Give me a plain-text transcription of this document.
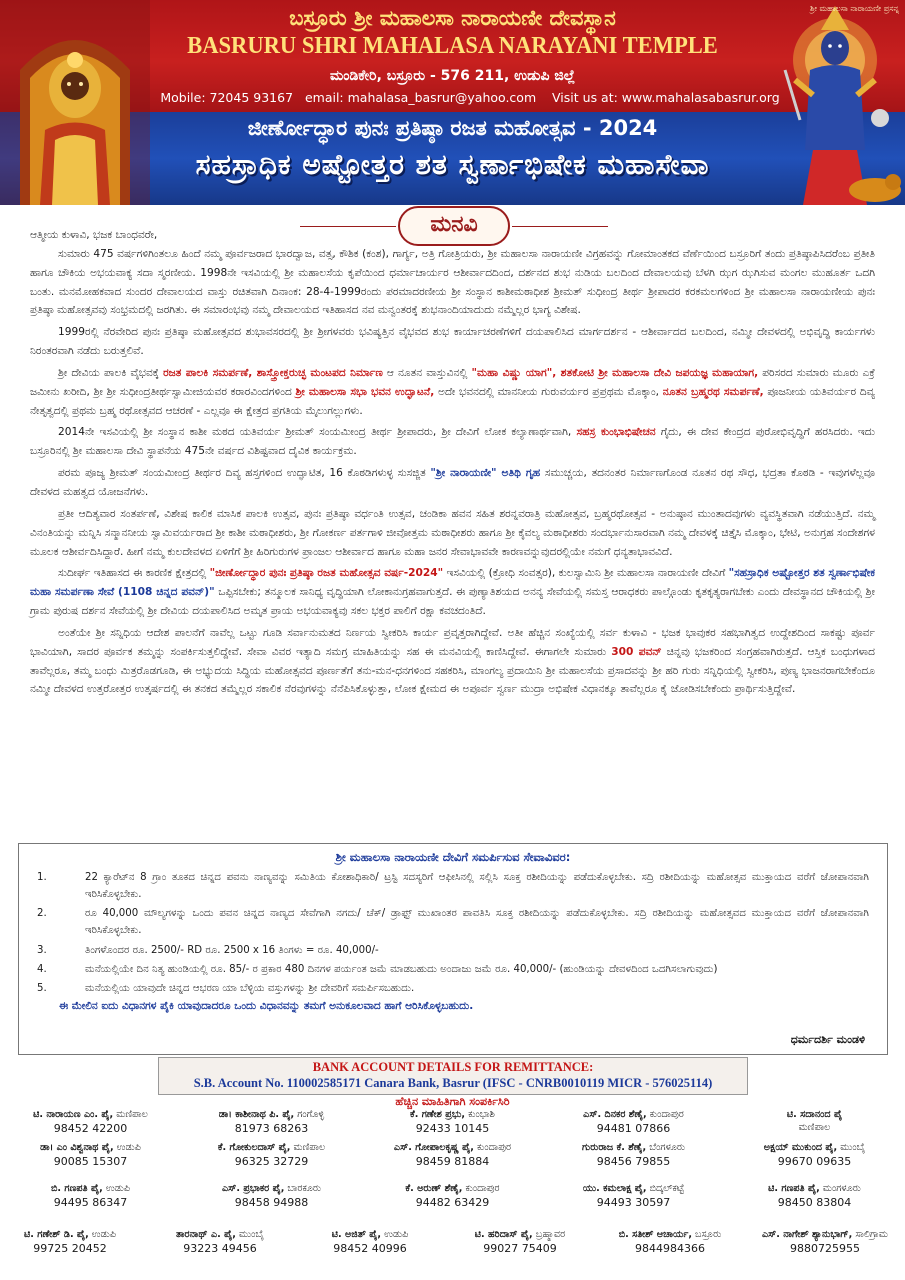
ಶ್ರೀ ಮಹಾಲಸಾ ನಾರಾಯಣೀ ಪ್ರಸನ್ನ
ಬಸ್ರೂರು ಶ್ರೀ ಮಹಾಲಸಾ ನಾರಾಯಣೀ ದೇವಸ್ಥಾನ
BASRURU SHRI MAHALASA NARAYANI TEMPLE
ಮಂಡಿಕೇರಿ, ಬಸ್ರೂರು - 576 211, ಉಡುಪಿ ಜಿಲ್ಲೆ
Mobile: 72045 93167 email: mahalasa_basrur@yahoo.com Visit us at: www.mahalasabasrur.org
ಜೀರ್ಣೋದ್ಧಾರ ಪುನಃ ಪ್ರತಿಷ್ಠಾ ರಜತ ಮಹೋತ್ಸವ - 2024
ಸಹಸ್ರಾಧಿಕ ಅಷ್ಟೋತ್ತರ ಶತ ಸ್ವರ್ಣಾಭಿಷೇಕ ಮಹಾಸೇವಾ
ಮನವಿ

ಆತ್ಮೀಯ ಕುಳಾವಿ, ಭಜಕ ಬಾಂಧವರೇ,

ಸುಮಾರು 475 ವರ್ಷಗಳಿಗಿಂತಲೂ ಹಿಂದೆ ನಮ್ಮ ಪೂರ್ವಜರಾದ ಭಾರದ್ವಾಜ, ವತ್ಸ, ಕೌಶಿಕ (ಕಂಶ), ಗಾರ್ಗ್ಯ, ಅತ್ರಿ ಗೋತ್ರಿಯರು, ಶ್ರೀ ಮಹಾಲಸಾ ನಾರಾಯಣೀ ವಿಗ್ರಹವನ್ನು ಗೋಮಾಂತಕದ ವೆರ್ಣೆಯಿಂದ ಬಸ್ರೂರಿಗೆ ತಂದು ಪ್ರತಿಷ್ಠಾಪಿಸಿದರೆಂಬ ಪ್ರತೀತಿ ಹಾಗೂ ಚೌಕಿಯ ಅಭಯವಾಕ್ಯ ಸದಾ ಸ್ಮರಣೀಯ. 1998ನೇ ಇಸವಿಯಲ್ಲಿ ಶ್ರೀ ಮಹಾಲಸೆಯ ಕೃಪೆಯಿಂದ ಧರ್ಮಾಚಾರ್ಯರ ಆಶೀರ್ವಾದದಿಂದ, ದರ್ಶನದ ಶುಭ ನುಡಿಯ ಬಲದಿಂದ ದೇವಾಲಯವು ಬೆಳಗಿ ಝಗ ಝಗಿಸುವ ಮಂಗಲ ಮುಹೂರ್ತ ಒದಗಿ ಬಂತು. ಮನಮೋಹಕವಾದ ಸುಂದರ ದೇವಾಲಯದ ವಾಸ್ತು ರಚಿತವಾಗಿ ದಿನಾಂಕ: 28-4-1999ರಂದು ಪರಮಾದರಣೀಯ ಶ್ರೀ ಸಂಸ್ಥಾನ ಕಾಶೀಮಠಾಧೀಶ ಶ್ರೀಮತ್ ಸುಧೀಂದ್ರ ತೀರ್ಥ ಶ್ರೀಪಾದರ ಕರಕಮಲಗಳಿಂದ ಶ್ರೀ ಮಹಾಲಸಾ ನಾರಾಯಣೀಯ ಪುನಃ ಪ್ರತಿಷ್ಠಾ ಮಹೋತ್ಸವವು ಸಂಭ್ರಮದಲ್ಲಿ ಜರಗಿತು. ಈ ಸಮಾರಂಭವು ನಮ್ಮ ದೇವಾಲಯದ ಇತಿಹಾಸದ ನವ ಮನ್ವಂತರಕ್ಕೆ ಶುಭನಾಂದಿಯಾದುದು ನಮ್ಮೆಲ್ಲರ ಭಾಗ್ಯ ವಿಶೇಷ.

1999ರಲ್ಲಿ ನೆರವೇರಿದ ಪುನಃ ಪ್ರತಿಷ್ಠಾ ಮಹೋತ್ಸವದ ಶುಭಾವಸರದಲ್ಲಿ ಶ್ರೀ ಶ್ರೀಗಳವರು ಭವಿಷ್ಯತ್ತಿನ ವೈಭವದ ಶುಭ ಕಾರ್ಯಾಚರಣೆಗಳಿಗೆ ದಯಪಾಲಿಸಿದ ಮಾರ್ಗದರ್ಶನ - ಆಶೀರ್ವಾದದ ಬಲದಿಂದ, ನಮ್ಮೀ ದೇವಳದಲ್ಲಿ ಅಭಿವೃದ್ಧಿ ಕಾರ್ಯಗಳು ನಿರಂತರವಾಗಿ ನಡೆದು ಬರುತ್ತಲಿವೆ.

ಶ್ರೀ ದೇವಿಯ ಪಾಲಕಿ ವೈಭವಕ್ಕೆ ರಜತ ಪಾಲಕಿ ಸಮರ್ಪಣೆ, ಶಾಸ್ತ್ರೋಕ್ತರುಚ್ಛ ಮಂಟಪದ ನಿರ್ಮಾಣ ಆ ನೂತನ ವಾಸ್ತುವಿನಲ್ಲಿ "ಮಹಾ ವಿಷ್ಣು ಯಾಗ", ಶತಕೋಟಿ ಶ್ರೀ ಮಹಾಲಸಾ ದೇವಿ ಜಪಯಜ್ಞ ಮಹಾಯಾಗ, ಪರಿಸರದ ಸುಮಾರು ಮೂರು ಎಕ್ರೆ ಜಮೀನು ಖರೀದಿ, ಶ್ರೀ ಶ್ರೀ ಸುಧೀಂದ್ರತೀರ್ಥಸ್ವಾಮೀಜಿಯವರ ಕರಾರವಿಂದಗಳಿಂದ ಶ್ರೀ ಮಹಾಲಸಾ ಸಭಾ ಭವನ ಉದ್ಘಾಟನೆ, ಅದೇ ಭವನದಲ್ಲಿ ಮಾನನೀಯ ಗುರುವರ್ಯರ ಪ್ರಪ್ರಥಮ ಮೊಕ್ಕಾಂ, ನೂತನ ಬ್ರಹ್ಮರಥ ಸಮರ್ಪಣೆ, ಪೂಜನೀಯ ಯತಿವರ್ಯರ ದಿವ್ಯ ನೇತೃತ್ವದಲ್ಲಿ ಪ್ರಥಮ ಬ್ರಹ್ಮ ರಥೋತ್ಸವದ ಆಚರಣೆ - ಎಲ್ಲವೂ ಈ ಕ್ಷೇತ್ರದ ಪ್ರಗತಿಯ ಮೈಲುಗಲ್ಲುಗಳು.

2014ನೇ ಇಸವಿಯಲ್ಲಿ ಶ್ರೀ ಸಂಸ್ಥಾನ ಕಾಶೀ ಮಠದ ಯತಿವರ್ಯ ಶ್ರೀಮತ್ ಸಂಯಮೀಂದ್ರ ತೀರ್ಥ ಶ್ರೀಪಾದರು, ಶ್ರೀ ದೇವಿಗೆ ಲೋಕ ಕಲ್ಯಾಣಾರ್ಥವಾಗಿ, ಸಹಸ್ರ ಕುಂಭಾಭಿಷೇಚನ ಗೈದು, ಈ ದೇವ ಕೇಂದ್ರದ ಪುರೋಭಿವೃದ್ಧಿಗೆ ಹರಸಿದರು. ಇದು ಬಸ್ರೂರಿನಲ್ಲಿ ಶ್ರೀ ಮಹಾಲಸಾ ದೇವಿ ಸ್ಥಾಪನೆಯ 475ನೇ ವರ್ಷದ ವಿಶಿಷ್ಟವಾದ ದೈವಿಕ ಕಾರ್ಯಕ್ರಮ.

ಪರಮ ಪೂಜ್ಯ ಶ್ರೀಮತ್ ಸಂಯಮೀಂದ್ರ ತೀರ್ಥರ ದಿವ್ಯ ಹಸ್ತಗಳಿಂದ ಉದ್ಘಾಟಿತ, 16 ಕೊಠಡಿಗಳುಳ್ಳ ಸುಸಜ್ಜಿತ "ಶ್ರೀ ನಾರಾಯಣೀ" ಅತಿಥಿ ಗೃಹ ಸಮುಚ್ಚಯ, ತದನಂತರ ನಿರ್ಮಾಣಗೊಂಡ ನೂತನ ರಥ ಸೌಧ, ಭದ್ರತಾ ಕೊಠಡಿ - ಇವುಗಳೆಲ್ಲವೂ ದೇವಳದ ಮಹತ್ವದ ಯೋಜನೆಗಳು.

ಪ್ರತೀ ಆದಿತ್ಯವಾರ ಸಂತರ್ಪಣೆ, ವಿಶೇಷ ಕಾಲಿಕ ಮಾಸಿಕ ಪಾಲಕಿ ಉತ್ಸವ, ಪುನಃ ಪ್ರತಿಷ್ಠಾ ವರ್ಧಂತಿ ಉತ್ಸವ, ಚಂಡಿಕಾ ಹವನ ಸಹಿತ ಶರನ್ನವರಾತ್ರಿ ಮಹೋತ್ಸವ, ಬ್ರಹ್ಮರಥೋತ್ಸವ - ಅನುಷ್ಠಾನ ಮುಂತಾದವುಗಳು ವ್ಯವಸ್ಥಿತವಾಗಿ ನಡೆಯುತ್ತಿದೆ. ನಮ್ಮ ವಿನಂತಿಯನ್ನು ಮನ್ನಿಸಿ ಸನ್ಮಾನನೀಯ ಸ್ವಾಮಿವರ್ಯರಾದ ಶ್ರೀ ಕಾಶೀ ಮಠಾಧೀಶರು, ಶ್ರೀ ಗೋಕರ್ಣ ಪರ್ತಗಾಳಿ ಜೀವೋತ್ತಮ ಮಠಾಧೀಶರು ಹಾಗೂ ಶ್ರೀ ಕೈವಲ್ಯ ಮಠಾಧೀಶರು ಸಂದರ್ಭಾನುಸಾರವಾಗಿ ನಮ್ಮ ದೇವಳಕ್ಕೆ ಚಿತ್ತೈಸಿ ಮೊಕ್ಕಾಂ, ಭೇಟಿ, ಅನುಗ್ರಹ ಸಂದೇಶಗಳ ಮೂಲಕ ಆಶೀರ್ವದಿಸಿದ್ದಾರೆ. ಹೀಗೆ ನಮ್ಮ ಕುಲದೇವಳದ ಏಳಿಗೆಗೆ ಶ್ರೀ ಹಿರಿಗುರುಗಳ ಪ್ರಾಂಜಲ ಆಶೀರ್ವಾದ ಹಾಗೂ ಮಹಾ ಜನರ ಸೇವಾಭಾವವೇ ಕಾರಣವನ್ನುವುದರಲ್ಲಿಯೇ ನಮಗೆ ಧನ್ಯತಾಭಾವವಿದೆ.

ಸುದೀರ್ಘ ಇತಿಹಾಸದ ಈ ಕಾರಣಿಕ ಕ್ಷೇತ್ರದಲ್ಲಿ "ಜೀರ್ಣೋದ್ಧಾರ ಪುನಃ ಪ್ರತಿಷ್ಠಾ ರಜತ ಮಹೋತ್ಸವ ವರ್ಷ-2024" ಇಸವಿಯಲ್ಲಿ (ಕ್ರೋಧಿ ಸಂವತ್ಸರ), ಕುಲಸ್ವಾಮಿನಿ ಶ್ರೀ ಮಹಾಲಸಾ ನಾರಾಯಣೀ ದೇವಿಗೆ "ಸಹಸ್ರಾಧಿಕ ಅಷ್ಟೋತ್ತರ ಶತ ಸ್ವರ್ಣಾಭಿಷೇಕ ಮಹಾ ಸಮರ್ಪಣಾ ಸೇವೆ (1108 ಚಿನ್ನದ ಪವನ್)" ಒಪ್ಪಿಸಬೇಕು; ತನ್ಮೂಲಕ ಸಾನಿಧ್ಯ ವೃದ್ಧಿಯಾಗಿ ಲೋಕಾನುಗ್ರಹವಾಗುತ್ತದೆ. ಈ ಪುಣ್ಯಾತಿಶಯದ ಅನನ್ಯ ಸೇವೆಯಲ್ಲಿ ಸಮಸ್ತ ಆರಾಧಕರು ಪಾಲ್ಗೊಂಡು ಕೃತಕೃತ್ಯರಾಗಬೇಕು ಎಂದು ದೇವಸ್ಥಾನದ ಚೌಕಿಯಲ್ಲಿ ಶ್ರೀ ಗ್ರಾಮ ಪುರುಷ ದರ್ಶನ ಸೇವೆಯಲ್ಲಿ ಶ್ರೀ ದೇವಿಯ ದಯಪಾಲಿಸಿದ ಅಮೃತ ಪ್ರಾಯ ಅಭಯವಾಕ್ಯವು ಸಕಲ ಭಕ್ತರ ಪಾಲಿಗೆ ರಕ್ಷಾ ಕವಚದಂತಿದೆ.

ಅಂತೆಯೇ ಶ್ರೀ ಸನ್ನಿಧಿಯ ಆದೇಶ ಪಾಲನೆಗೆ ನಾವೆಲ್ಲ ಒಟ್ಟು ಗೂಡಿ ಸರ್ವಾನುಮತದ ನಿರ್ಣಯ ಸ್ವೀಕರಿಸಿ ಕಾರ್ಯ ಪ್ರವೃತ್ತರಾಗಿದ್ದೇವೆ. ಅತೀ ಹೆಚ್ಚಿನ ಸಂಖ್ಯೆಯಲ್ಲಿ ಸರ್ವ ಕುಳಾವಿ - ಭಜಕ ಭಾವುಕರ ಸಹಭಾಗಿತ್ವದ ಉದ್ದೇಶದಿಂದ ಸಾಕಷ್ಟು ಪೂರ್ವ ಭಾವಿಯಾಗಿ, ಸಾದರ ಪೂರ್ವಕ ತಮ್ಮನ್ನು ಸಂಪರ್ಕಿಸುತ್ತಲಿದ್ದೇವೆ. ಸೇವಾ ವಿವರ ಇತ್ಯಾದಿ ಸಮಗ್ರ ಮಾಹಿತಿಯನ್ನು ಸಹ ಈ ಮನವಿಯಲ್ಲಿ ಕಾಣಿಸಿದ್ದೇವೆ. ಈಗಾಗಲೇ ಸುಮಾರು 300 ಪವನ್ ಚಿನ್ನವು ಭಜಕರಿಂದ ಸಂಗ್ರಹವಾಗಿರುತ್ತದೆ. ಆಸ್ತಿಕ ಬಂಧುಗಳಾದ ತಾವೆಲ್ಲರೂ, ತಮ್ಮ ಬಂಧು ಮಿತ್ರರೊಡಗೂಡಿ, ಈ ಅಭ್ಯುದಯ ಸಿದ್ಧಿಯ ಮಹೋತ್ಸವದ ಪೂರ್ಣತೆಗೆ ತನು-ಮನ-ಧನಗಳಿಂದ ಸಹಕರಿಸಿ, ಮಾಂಗಲ್ಯ ಪ್ರದಾಯಿನಿ ಶ್ರೀ ಮಹಾಲಸೆಯ ಪ್ರಸಾದವನ್ನು ಶ್ರೀ ಹರಿ ಗುರು ಸನ್ನಿಧಿಯಲ್ಲಿ ಸ್ವೀಕರಿಸಿ, ಪುಣ್ಯ ಭಾಜನರಾಗಬೇಕೆಂದೂ ನಮ್ಮೀ ದೇವಳದ ಉತ್ತರೋತ್ತರ ಉತ್ಕರ್ಷದಲ್ಲಿ ಈ ತನಕದ ತಮ್ಮೆಲ್ಲರ ಸಕಾಲಿಕ ನೆರವುಗಳನ್ನು ನೆನೆಪಿಸಿಕೊಳ್ಳುತ್ತಾ, ಲೋಕ ಕ್ಷೇಮದ ಈ ಅಪೂರ್ವ ಸ್ವರ್ಣ ಮುದ್ರಾ ಅಭಿಷೇಕ ವಿಧಾನಕ್ಕೂ ತಾವೆಲ್ಲರೂ ಕೈ ಜೋಡಿಸಬೇಕೆಂದು ಪ್ರಾರ್ಥಿಸುತ್ತಿದ್ದೇವೆ.

ಶ್ರೀ ಮಹಾಲಸಾ ನಾರಾಯಣೀ ದೇವಿಗೆ ಸಮರ್ಪಿಸುವ ಸೇವಾವಿವರ:
1.	22 ಕ್ಯಾರೆಟ್‌ನ 8 ಗ್ರಾಂ ತೂಕದ ಚಿನ್ನದ ಪವನು ನಾಣ್ಯವನ್ನು ಸಮಿತಿಯ ಕೋಶಾಧಿಕಾರಿ/ ಟ್ರಸ್ಟಿ ಸದಸ್ಯರಿಗೆ ಆಫೀಸಿನಲ್ಲಿ ಸಲ್ಲಿಸಿ ಸೂಕ್ತ ರಶೀದಿಯನ್ನು ಪಡೆದುಕೊಳ್ಳಬೇಕು. ಸದ್ರಿ ರಶೀದಿಯನ್ನು ಮಹೋತ್ಸವ ಮುಕ್ತಾಯದ ವರೆಗೆ ಜೋಪಾನವಾಗಿ ಇರಿಸಿಕೊಳ್ಳಬೇಕು.
2.	ರೂ 40,000 ಮೌಲ್ಯಗಳನ್ನು ಒಂದು ಪವನ ಚಿನ್ನದ ನಾಣ್ಯದ ಸೇವೆಗಾಗಿ ನಗದು/ ಚೆಕ್/ ಡ್ರಾಫ್ಟ್ ಮುಖಾಂತರ ಪಾವತಿಸಿ ಸೂಕ್ತ ರಶೀದಿಯನ್ನು ಪಡೆದುಕೊಳ್ಳಬೇಕು. ಸದ್ರಿ ರಶೀದಿಯನ್ನು ಮಹೋತ್ಸವದ ಮುಕ್ತಾಯದ ವರೆಗೆ ಜೋಪಾನವಾಗಿ ಇರಿಸಿಕೊಳ್ಳಬೇಕು.
3.	ತಿಂಗಳೊಂದರ ರೂ. 2500/- RD ರೂ. 2500 x 16 ತಿಂಗಳು = ರೂ. 40,000/-
4.	ಮನೆಯಲ್ಲಿಯೇ ದಿನ ನಿತ್ಯ ಹುಂಡಿಯಲ್ಲಿ ರೂ. 85/- ರ ಪ್ರಕಾರ 480 ದಿನಗಳ ಪರ್ಯಂತ ಜಮೆ ಮಾಡಬಹುದು ಅಂದಾಜು ಜಮೆ ರೂ. 40,000/- (ಹುಂಡಿಯನ್ನು ದೇವಳದಿಂದ ಒದಗಿಸಲಾಗುವುದು)
5.	ಮನೆಯಲ್ಲಿಯ ಯಾವುದೇ ಚಿನ್ನದ ಆಭರಣ ಯಾ ಬೆಳ್ಳಿಯ ವಸ್ತುಗಳನ್ನು ಶ್ರೀ ದೇವರಿಗೆ ಸಮರ್ಪಿಸಬಹುದು.
ಈ ಮೇಲಿನ ಐದು ವಿಧಾನಗಳ ಪೈಕಿ ಯಾವುದಾದರೂ ಒಂದು ವಿಧಾನವನ್ನು ತಮಗೆ ಅನುಕೂಲವಾದ ಹಾಗೆ ಆರಿಸಿಕೊಳ್ಳಬಹುದು.
ಧರ್ಮದರ್ಶಿ ಮಂಡಳಿ
BANK ACCOUNT DETAILS FOR REMITTANCE:
S.B. Account No. 110002585171 Canara Bank, Basrur (IFSC - CNRB0010119 MICR - 576025114)
ಹೆಚ್ಚಿನ ಮಾಹಿತಿಗಾಗಿ ಸಂಪರ್ಕಿಸಿರಿ
ಟಿ. ನಾರಾಯಣ ಎಂ. ಪೈ, ಮಣಿಪಾಲ
98452 42200
ಡಾ। ಕಾಶೀನಾಥ ಪಿ. ಪೈ, ಗಂಗೊಳ್ಳಿ
81973 68263
ಕೆ. ಗಣೇಶ ಪ್ರಭು, ಕುಂಭಾಶಿ
92433 10145
ಎಸ್. ದಿನಕರ ಶೆಣೈ, ಕುಂದಾಪುರ
94481 07866
ಟಿ. ಸದಾನಂದ ಪೈ
ಮಣಿಪಾಲ
ಡಾ। ಎಂ ವಿಶ್ವನಾಥ ಪೈ, ಉಡುಪಿ
90085 15307
ಕೆ. ಗೋಕುಲದಾಸ್ ಪೈ, ಮಣಿಪಾಲ
96325 32729
ಎಸ್. ಗೋಪಾಲಕೃಷ್ಣ ಪೈ, ಕುಂದಾಪುರ
98459 81884
ಗುರುರಾಜ ಕೆ. ಶೆಣೈ, ಬೆಂಗಳೂರು
98456 79855
ಅಕ್ಷಯ್ ಮುಕುಂದ ಪೈ, ಮುಂಬೈ
99670 09635
ಬಿ. ಗಣಪತಿ ಪೈ, ಉಡುಪಿ
94495 86347
ಎಸ್. ಪ್ರಭಾಕರ ಪೈ, ಬಾರಕೂರು
98458 94988
ಕೆ. ಅರುಣ್ ಶೆಣೈ, ಕುಂದಾಪುರ
94482 63429
ಯು. ಕಮಲಾಕ್ಷ ಪೈ, ಬಿದ್ಕಲ್‌ಕಟ್ಟೆ
94493 30597
ಟಿ. ಗಣಪತಿ ಪೈ, ಮಂಗಳೂರು
98450 83804
ಟಿ. ಗಣೇಶ್ ಡಿ. ಪೈ, ಉಡುಪಿ
99725 20452
ತಾರನಾಥ್ ಎ. ಪೈ, ಮುಂಬೈ
93223 49456
ಟಿ. ಅಜಿತ್ ಪೈ, ಉಡುಪಿ
98452 40996
ಟಿ. ಹರಿದಾಸ್ ಪೈ, ಬ್ರಹ್ಮಾವರ
99027 75409
ಬಿ. ಸತೀಶ್ ಆಚಾರ್ಯ, ಬಸ್ರೂರು
9844984366
ಎಸ್. ನಾಗೇಶ್ ಶ್ಯಾನುಭಾಗ್, ಸಾಲಿಗ್ರಾಮ
9880725955
